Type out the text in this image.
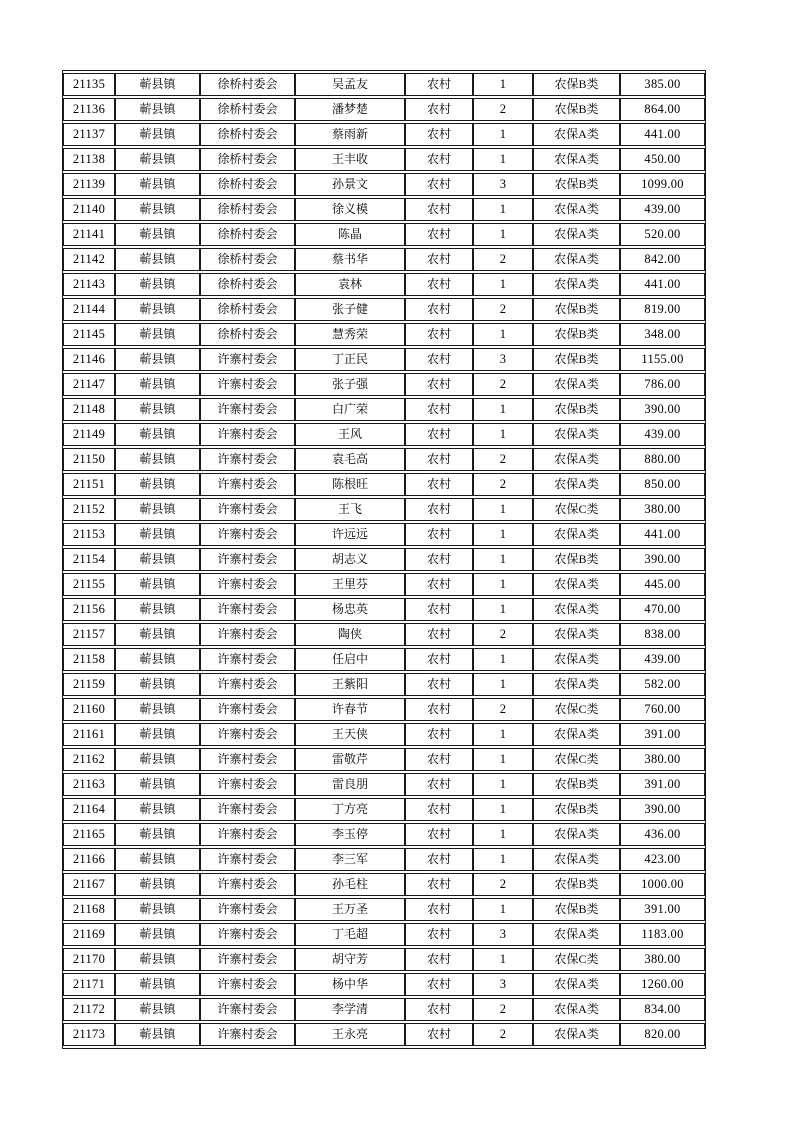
21135	蕲县镇	徐桥村委会	吴孟友	农村	1	农保B类	385.00
21136	蕲县镇	徐桥村委会	潘梦楚	农村	2	农保B类	864.00
21137	蕲县镇	徐桥村委会	蔡雨新	农村	1	农保A类	441.00
21138	蕲县镇	徐桥村委会	王丰收	农村	1	农保A类	450.00
21139	蕲县镇	徐桥村委会	孙景文	农村	3	农保B类	1099.00
21140	蕲县镇	徐桥村委会	徐义模	农村	1	农保A类	439.00
21141	蕲县镇	徐桥村委会	陈晶	农村	1	农保A类	520.00
21142	蕲县镇	徐桥村委会	蔡书华	农村	2	农保A类	842.00
21143	蕲县镇	徐桥村委会	袁林	农村	1	农保A类	441.00
21144	蕲县镇	徐桥村委会	张子健	农村	2	农保B类	819.00
21145	蕲县镇	徐桥村委会	慧秀荣	农村	1	农保B类	348.00
21146	蕲县镇	许寨村委会	丁正民	农村	3	农保B类	1155.00
21147	蕲县镇	许寨村委会	张子强	农村	2	农保A类	786.00
21148	蕲县镇	许寨村委会	白广荣	农村	1	农保B类	390.00
21149	蕲县镇	许寨村委会	王风	农村	1	农保A类	439.00
21150	蕲县镇	许寨村委会	袁毛高	农村	2	农保A类	880.00
21151	蕲县镇	许寨村委会	陈根旺	农村	2	农保A类	850.00
21152	蕲县镇	许寨村委会	王飞	农村	1	农保C类	380.00
21153	蕲县镇	许寨村委会	许远远	农村	1	农保A类	441.00
21154	蕲县镇	许寨村委会	胡志义	农村	1	农保B类	390.00
21155	蕲县镇	许寨村委会	王里芬	农村	1	农保A类	445.00
21156	蕲县镇	许寨村委会	杨忠英	农村	1	农保A类	470.00
21157	蕲县镇	许寨村委会	陶侠	农村	2	农保A类	838.00
21158	蕲县镇	许寨村委会	任启中	农村	1	农保A类	439.00
21159	蕲县镇	许寨村委会	王紫阳	农村	1	农保A类	582.00
21160	蕲县镇	许寨村委会	许春节	农村	2	农保C类	760.00
21161	蕲县镇	许寨村委会	王天侠	农村	1	农保A类	391.00
21162	蕲县镇	许寨村委会	雷敬芹	农村	1	农保C类	380.00
21163	蕲县镇	许寨村委会	雷良朋	农村	1	农保B类	391.00
21164	蕲县镇	许寨村委会	丁方亮	农村	1	农保B类	390.00
21165	蕲县镇	许寨村委会	李玉停	农村	1	农保A类	436.00
21166	蕲县镇	许寨村委会	李三军	农村	1	农保A类	423.00
21167	蕲县镇	许寨村委会	孙毛柱	农村	2	农保B类	1000.00
21168	蕲县镇	许寨村委会	王万圣	农村	1	农保B类	391.00
21169	蕲县镇	许寨村委会	丁毛超	农村	3	农保A类	1183.00
21170	蕲县镇	许寨村委会	胡守芳	农村	1	农保C类	380.00
21171	蕲县镇	许寨村委会	杨中华	农村	3	农保A类	1260.00
21172	蕲县镇	许寨村委会	李学清	农村	2	农保A类	834.00
21173	蕲县镇	许寨村委会	王永亮	农村	2	农保A类	820.00
